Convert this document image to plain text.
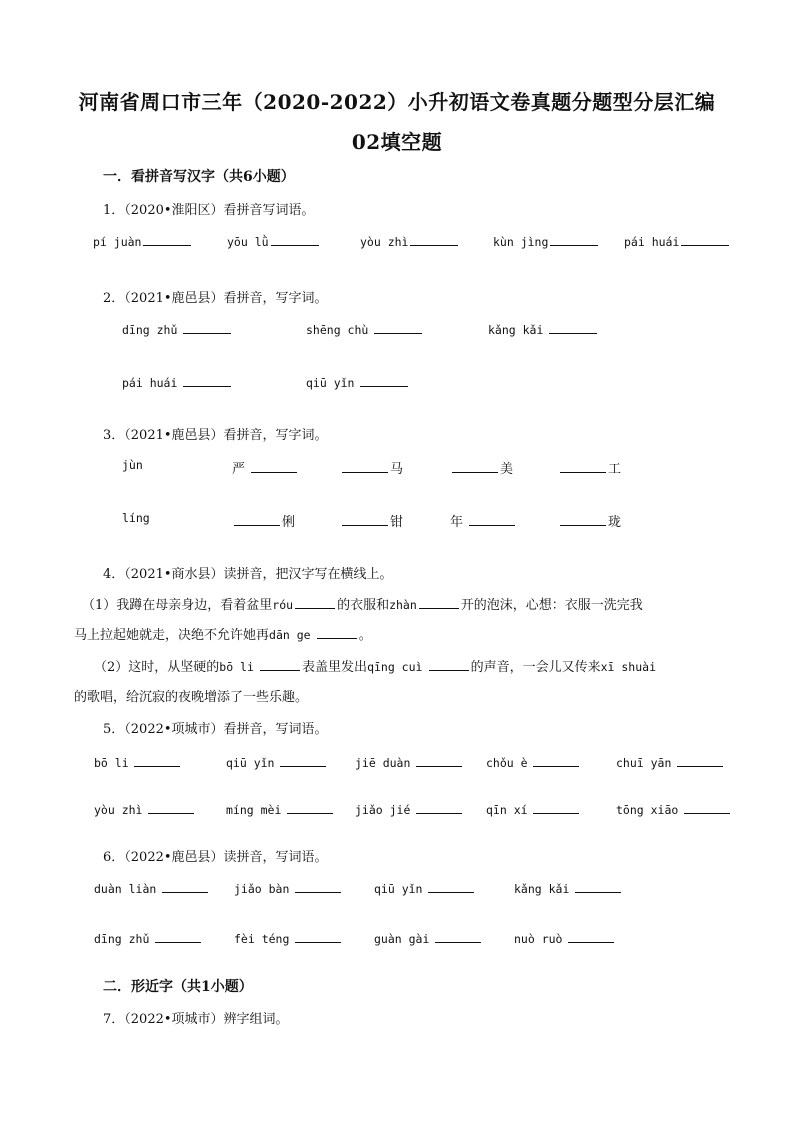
河南省周口市三年（2020-2022）小升初语文卷真题分题型分层汇编
02填空题
一．看拼音写汉字（共6小题）
1．（2020•淮阳区）看拼音写词语。
pí juàn	yōu lǜ	yòu zhì	kùn jìng	pái huái
2．（2021•鹿邑县）看拼音，写字词。
dīng zhǔ	shēng chù	kǎng kǎi
pái huái	qiū yǐn
3．（2021•鹿邑县）看拼音，写字词。
jùn	严	马	美	工
líng	俐	钳	年	珑
4．（2021•商水县）读拼音，把汉字写在横线上。
（1）我蹲在母亲身边，看着盆里róu	的衣服和zhàn	开的泡沫，心想：衣服一洗完我
马上拉起她就走，决绝不允许她再dān ge	。
（2）这时，从坚硬的bō li	表盖里发出qīng cuì	的声音，一会儿又传来xī shuài
的歌唱，给沉寂的夜晚增添了一些乐趣。
5．（2022•项城市）看拼音，写词语。
bō li	qiū yǐn	jiē duàn	chǒu è	chuī yān
yòu zhì	míng mèi	jiǎo jié	qīn xí	tōng xiāo
6．（2022•鹿邑县）读拼音，写词语。
duàn liàn	jiǎo bàn	qiū yǐn	kǎng kǎi
dīng zhǔ	fèi téng	guàn gài	nuò ruò
二．形近字（共1小题）
7．（2022•项城市）辨字组词。
